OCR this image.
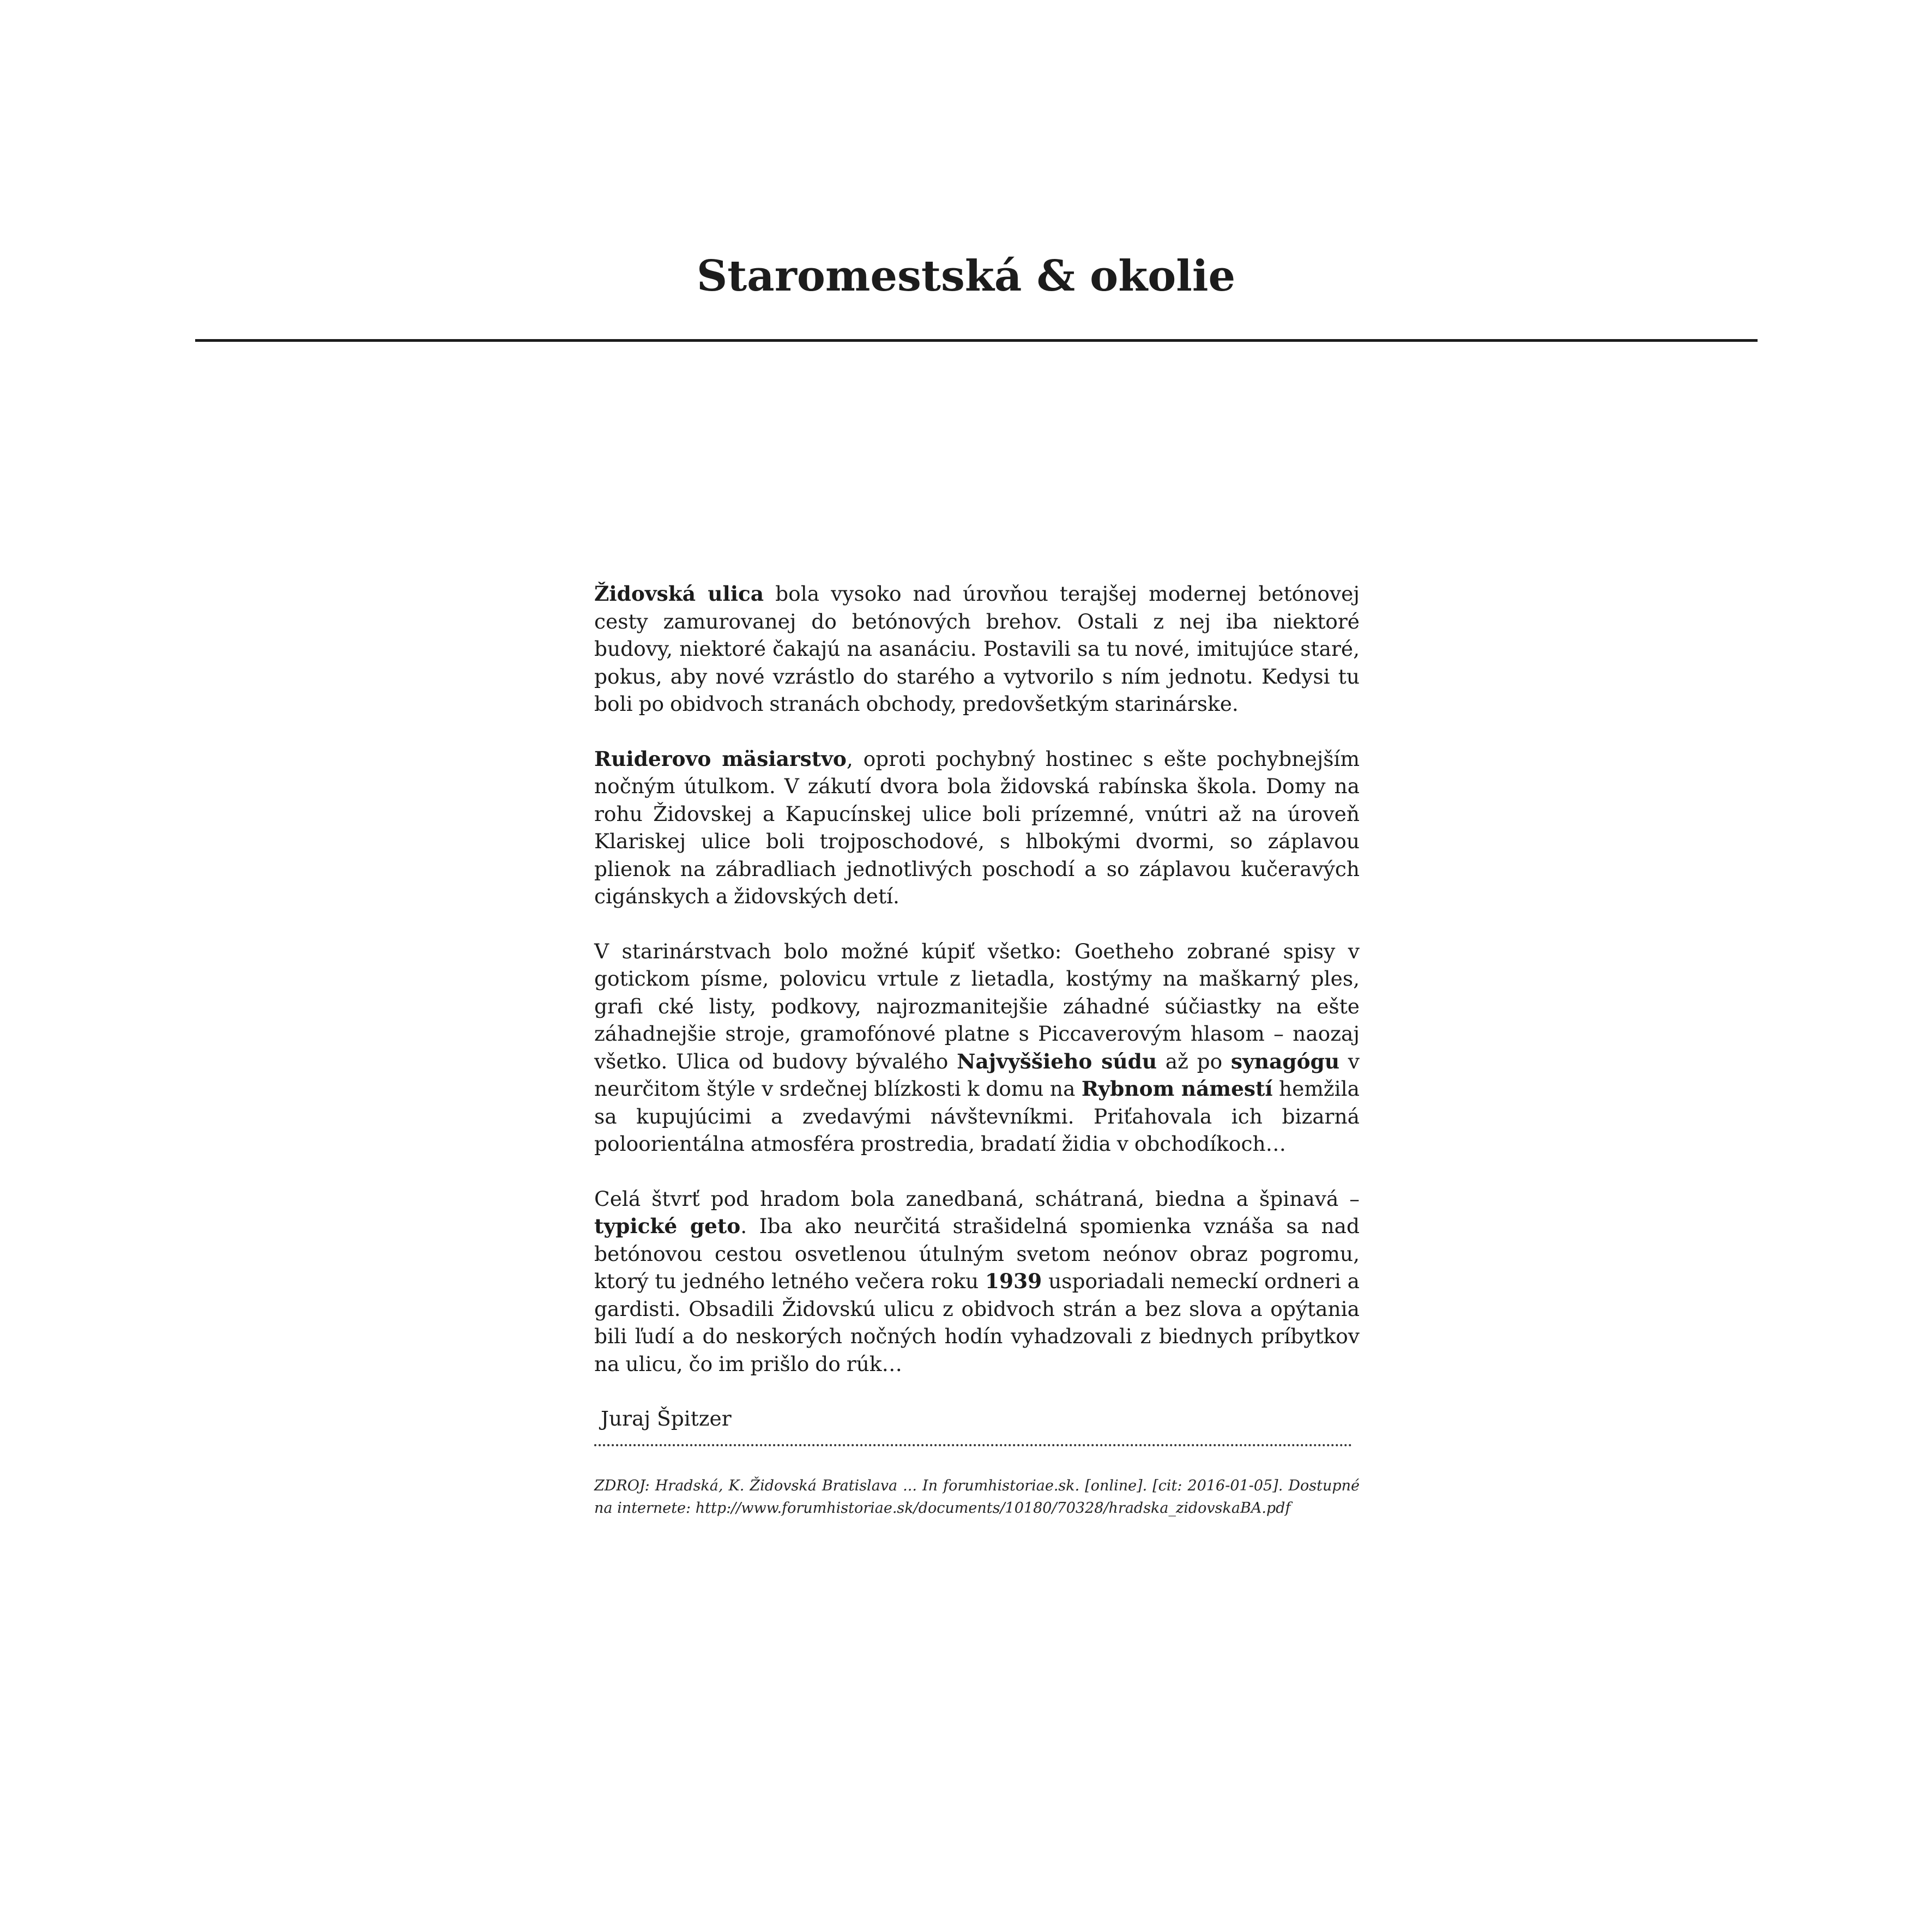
Staromestská & okolie

Židovská ulica bola vysoko nad úrovňou terajšej modernej betónovej cesty zamurovanej do betónových brehov. Ostali z nej iba niektoré budovy, niektoré čakajú na asanáciu. Postavili sa tu nové, imitujúce staré, pokus, aby nové vzrástlo do starého a vytvorilo s ním jednotu. Kedysi tu boli po obidvoch stranách obchody, predovšetkým starinárske.

Ruiderovo mäsiarstvo, oproti pochybný hostinec s ešte pochybnejším nočným útulkom. V zákutí dvora bola židovská rabínska škola. Domy na rohu Židovskej a Kapucínskej ulice boli prízemné, vnútri až na úroveň Klariskej ulice boli trojposchodové, s hlbokými dvormi, so záplavou plienok na zábradliach jednotlivých poschodí a so záplavou kučeravých cigánskych a židovských detí.

V starinárstvach bolo možné kúpiť všetko: Goetheho zobrané spisy v gotickom písme, polovicu vrtule z lietadla, kostýmy na maškarný ples, grafi cké listy, podkovy, najrozmanitejšie záhadné súčiastky na ešte záhadnejšie stroje, gramofónové platne s Piccaverovým hlasom – naozaj všetko. Ulica od budovy bývalého Najvyššieho súdu až po synagógu v neurčitom štýle v srdečnej blízkosti k domu na Rybnom námestí hemžila sa kupujúcimi a zvedavými návštevníkmi. Priťahovala ich bizarná poloorientálna atmosféra prostredia, bradatí židia v obchodíkoch…

Celá štvrť pod hradom bola zanedbaná, schátraná, biedna a špinavá – typické geto. Iba ako neurčitá strašidelná spomienka vznáša sa nad betónovou cestou osvetlenou útulným svetom neónov obraz pogromu, ktorý tu jedného letného večera roku 1939 usporiadali nemeckí ordneri a gardisti. Obsadili Židovskú ulicu z obidvoch strán a bez slova a opýtania bili ľudí a do neskorých nočných hodín vyhadzovali z biednych príbytkov na ulicu, čo im prišlo do rúk…

Juraj Špitzer

ZDROJ: Hradská, K. Židovská Bratislava ... In forumhistoriae.sk. [online]. [cit: 2016-01-05]. Dostupné na internete: http://www.forumhistoriae.sk/documents/10180/70328/hradska_zidovskaBA.pdf
